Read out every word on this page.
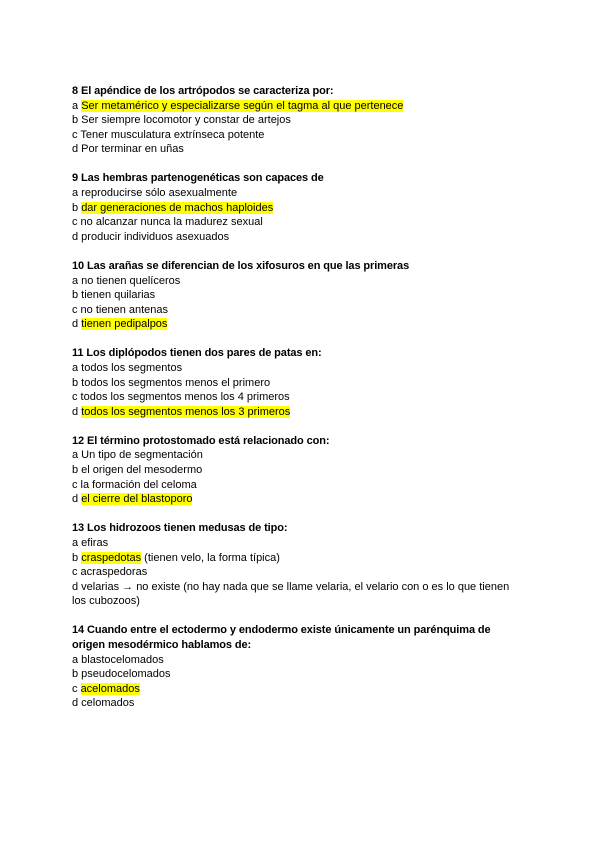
8 El apéndice de los artrópodos se caracteriza por:

a Ser metamérico y especializarse según el tagma al que pertenece

b Ser siempre locomotor y constar de artejos

c Tener musculatura extrínseca potente

d Por terminar en uñas

9 Las hembras partenogenéticas son capaces de

a reproducirse sólo asexualmente

b dar generaciones de machos haploides

c no alcanzar nunca la madurez sexual

d producir individuos asexuados

10 Las arañas se diferencian de los xifosuros en que las primeras

a no tienen quelíceros

b tienen quilarias

c no tienen antenas

d tienen pedipalpos

11 Los diplópodos tienen dos pares de patas en:

a todos los segmentos

b todos los segmentos menos el primero

c todos los segmentos menos los 4 primeros

d todos los segmentos menos los 3 primeros

12 El término protostomado está relacionado con:

a Un tipo de segmentación

b el origen del mesodermo

c la formación del celoma

d el cierre del blastoporo

13 Los hidrozoos tienen medusas de tipo:

a efiras

b craspedotas (tienen velo, la forma típica)

c acraspedoras

d velarias → no existe (no hay nada que se llame velaria, el velario con o es lo que tienen los cubozoos)

14 Cuando entre el ectodermo y endodermo existe únicamente un parénquima de origen mesodérmico hablamos de:

a blastocelomados

b pseudocelomados

c acelomados

d celomados
